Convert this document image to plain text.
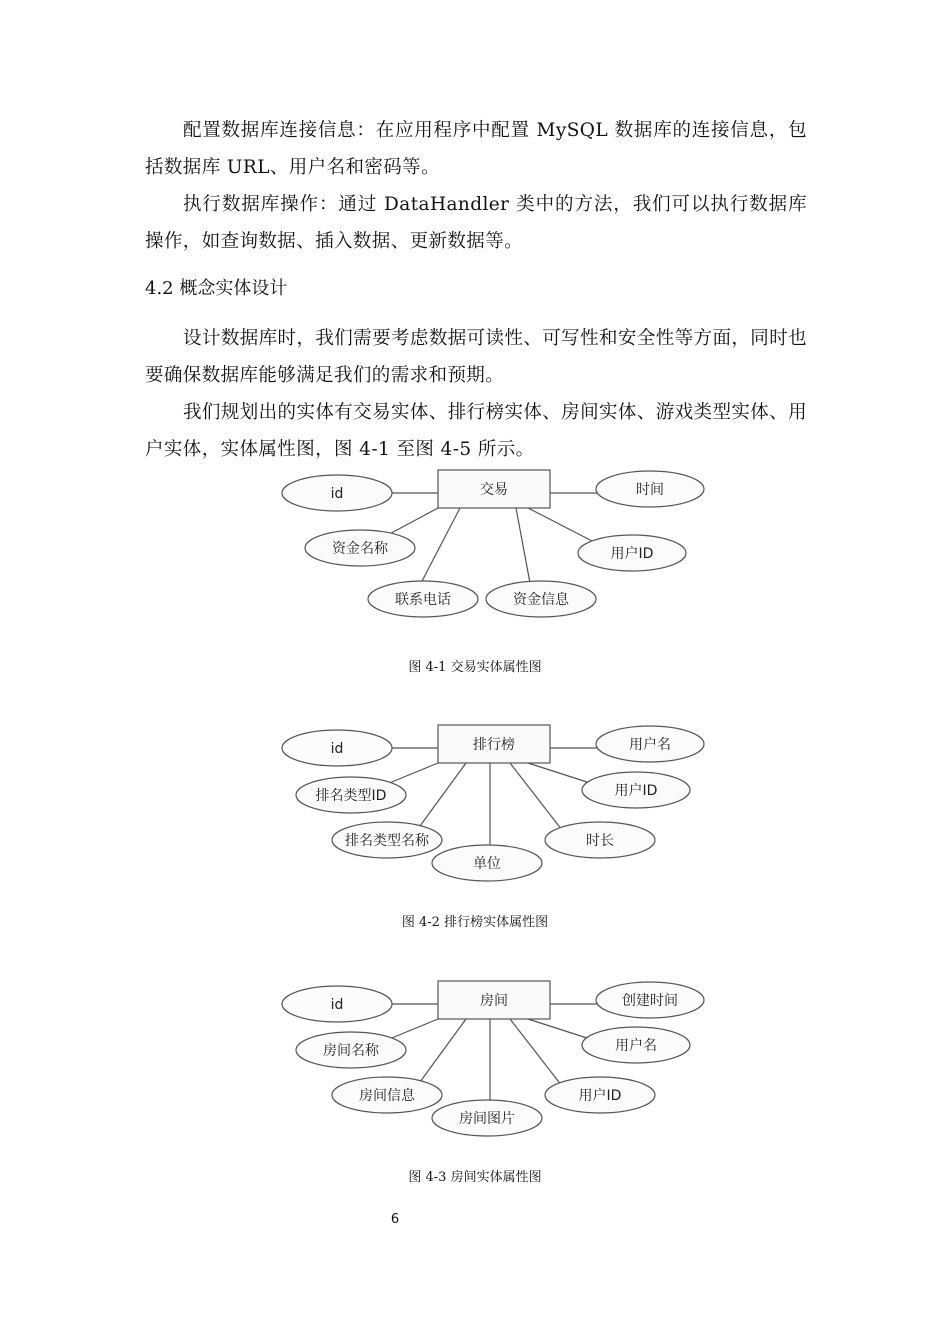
配置数据库连接信息：在应用程序中配置 MySQL 数据库的连接信息，包括数据库 URL、用户名和密码等。

执行数据库操作：通过 DataHandler 类中的方法，我们可以执行数据库操作，如查询数据、插入数据、更新数据等。

4.2 概念实体设计

设计数据库时，我们需要考虑数据可读性、可写性和安全性等方面，同时也要确保数据库能够满足我们的需求和预期。

我们规划出的实体有交易实体、排行榜实体、房间实体、游戏类型实体、用户实体，实体属性图，图 4-1 至图 4-5 所示。

交易
id	时间
资金名称	用户ID
联系电话	资金信息

图 4-1 交易实体属性图

排行榜
id	用户名
排名类型ID	用户ID
排名类型名称	时长
单位

图 4-2 排行榜实体属性图

房间
id	创建时间
房间名称	用户名
房间信息	用户ID
房间图片

图 4-3 房间实体属性图

6
